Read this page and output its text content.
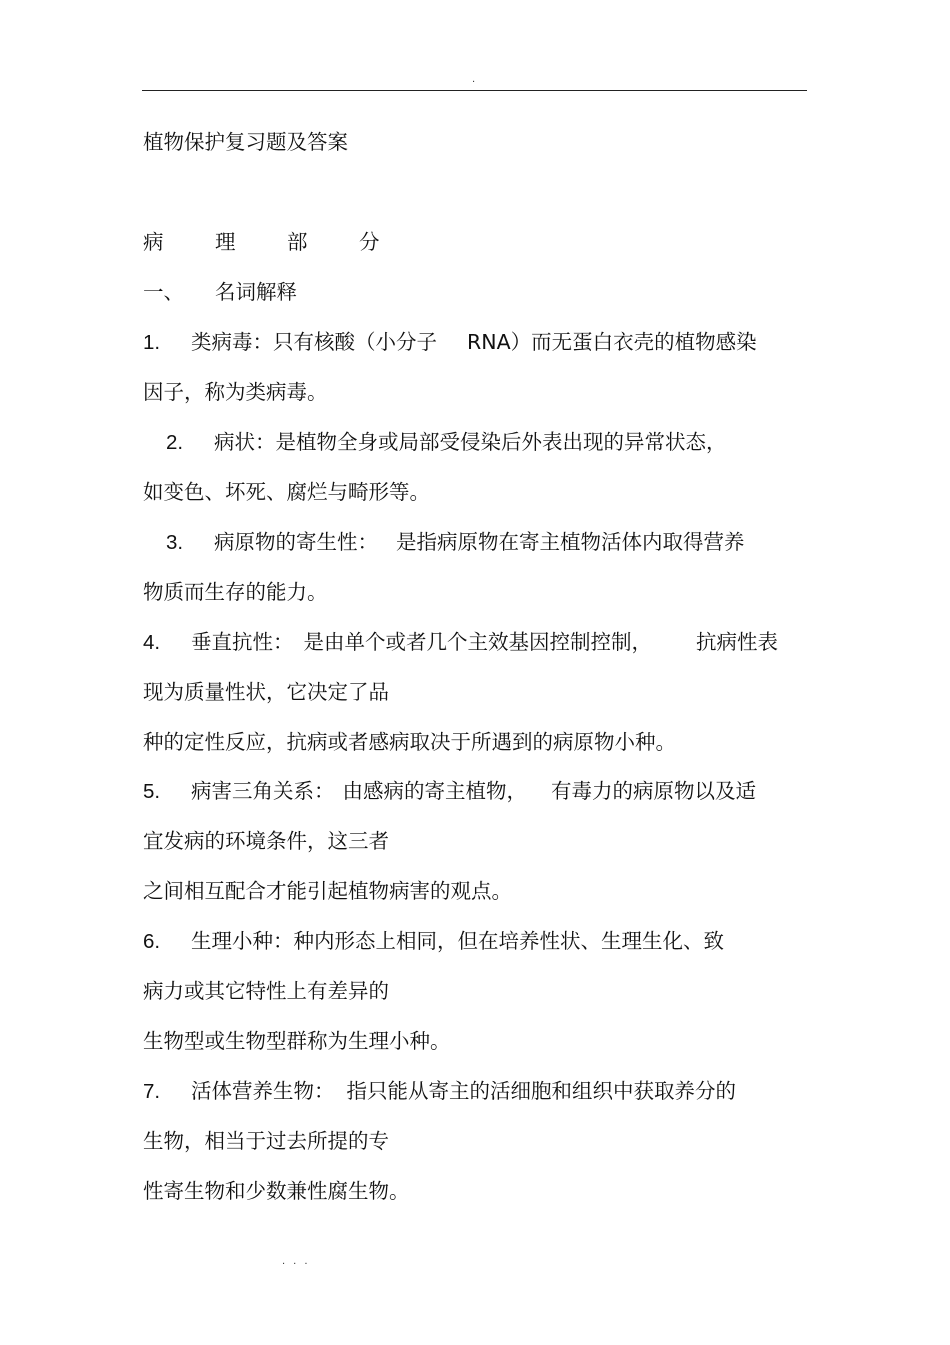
.
植物保护复习题及答案
病	理	部	分
一、 名词解释
1. 类病毒：只有核酸（小分子 RNA）而无蛋白衣壳的植物感染
因子，称为类病毒。
2. 病状：是植物全身或局部受侵染后外表出现的异常状态，
如变色、坏死、腐烂与畸形等。
3. 病原物的寄生性： 是指病原物在寄主植物活体内取得营养
物质而生存的能力。
4. 垂直抗性： 是由单个或者几个主效基因控制控制， 抗病性表
现为质量性状，它决定了品
种的定性反应，抗病或者感病取决于所遇到的病原物小种。
5. 病害三角关系： 由感病的寄主植物， 有毒力的病原物以及适
宜发病的环境条件，这三者
之间相互配合才能引起植物病害的观点。
6. 生理小种：种内形态上相同，但在培养性状、生理生化、致
病力或其它特性上有差异的
生物型或生物型群称为生理小种。
7. 活体营养生物： 指只能从寄主的活细胞和组织中获取养分的
生物，相当于过去所提的专
性寄生物和少数兼性腐生物。
...
